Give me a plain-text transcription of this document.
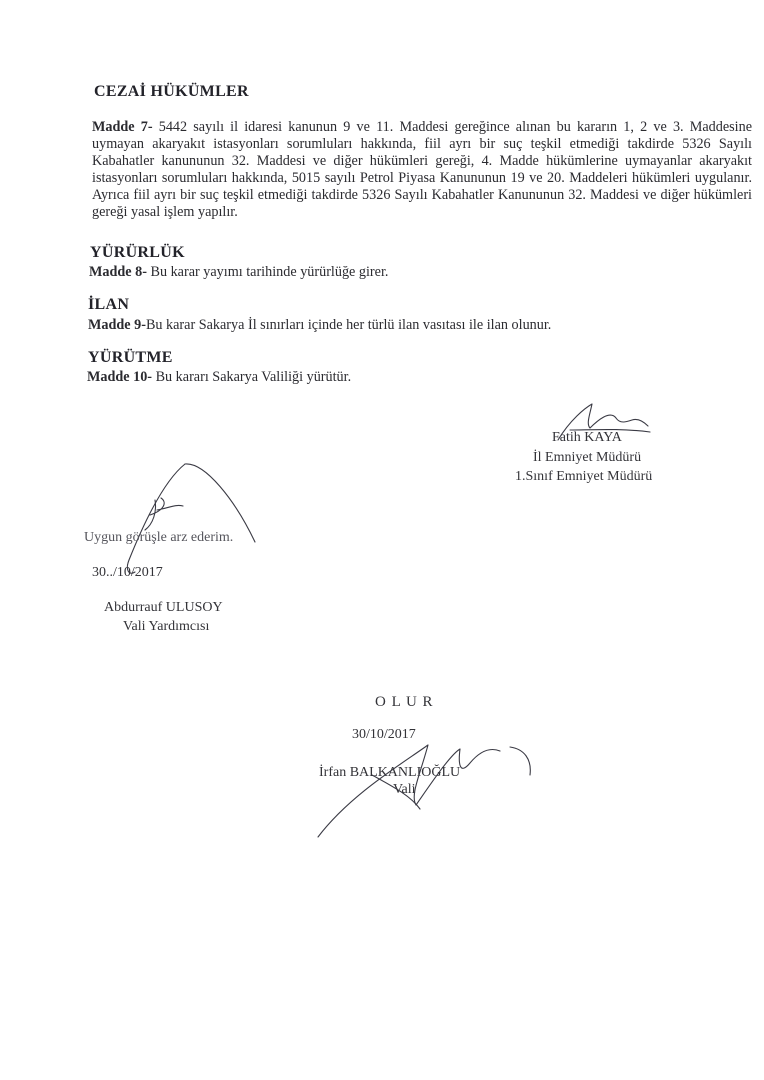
CEZAİ HÜKÜMLER
Madde 7- 5442 sayılı il idaresi kanunun 9 ve 11. Maddesi gereğince alınan bu kararın 1, 2 ve 3. Maddesine uymayan akaryakıt istasyonları sorumluları hakkında, fiil ayrı bir suç teşkil etmediği takdirde 5326 Sayılı Kabahatler kanununun 32. Maddesi ve diğer hükümleri gereği, 4. Madde hükümlerine uymayanlar akaryakıt istasyonları sorumluları hakkında, 5015 sayılı Petrol Piyasa Kanununun 19 ve 20. Maddeleri hükümleri uygulanır. Ayrıca fiil ayrı bir suç teşkil etmediği takdirde 5326 Sayılı Kabahatler Kanununun 32. Maddesi ve diğer hükümleri gereği yasal işlem yapılır.
YÜRÜRLÜK
Madde 8- Bu karar yayımı tarihinde yürürlüğe girer.
İLAN
Madde 9-Bu karar Sakarya İl sınırları içinde her türlü ilan vasıtası ile ilan olunur.
YÜRÜTME
Madde 10- Bu kararı Sakarya Valiliği yürütür.
Fatih KAYA
İl Emniyet Müdürü
1.Sınıf Emniyet Müdürü
Uygun görüşle arz ederim.
30../10/2017
Abdurrauf ULUSOY
Vali Yardımcısı
O L U R
30/10/2017
İrfan BALKANLIOĞLU
Vali
